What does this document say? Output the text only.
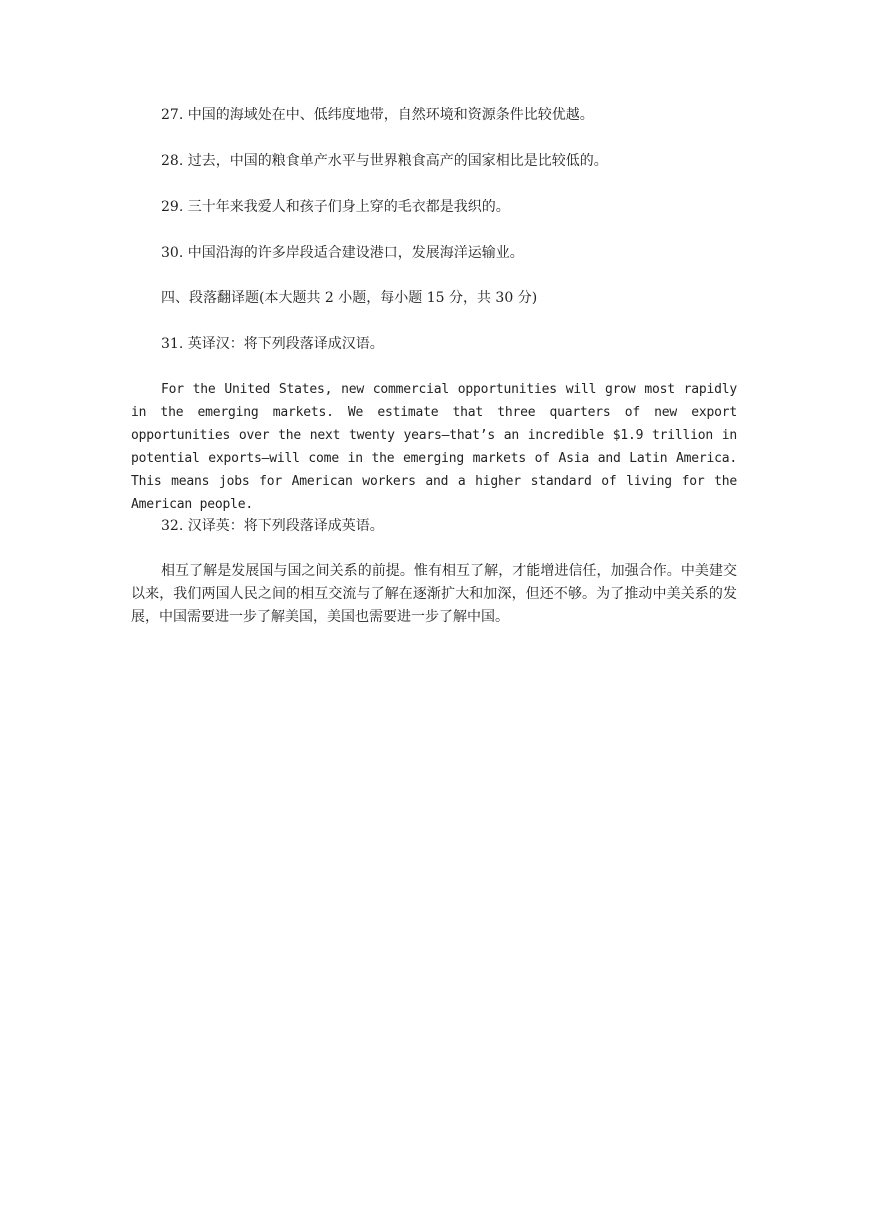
27. 中国的海域处在中、低纬度地带，自然环境和资源条件比较优越。
28. 过去，中国的粮食单产水平与世界粮食高产的国家相比是比较低的。
29. 三十年来我爱人和孩子们身上穿的毛衣都是我织的。
30. 中国沿海的许多岸段适合建设港口，发展海洋运输业。
四、段落翻译题(本大题共 2 小题，每小题 15 分，共 30 分)
31. 英译汉：将下列段落译成汉语。
For the United States, new commercial opportunities will grow most rapidly in the emerging markets. We estimate that three quarters of new export opportunities over the next twenty years—that’s an incredible $1.9 trillion in potential exports—will come in the emerging markets of Asia and Latin America. This means jobs for American workers and a higher standard of living for the American people.
32. 汉译英：将下列段落译成英语。
相互了解是发展国与国之间关系的前提。惟有相互了解，才能增进信任，加强合作。中美建交以来，我们两国人民之间的相互交流与了解在逐渐扩大和加深，但还不够。为了推动中美关系的发展，中国需要进一步了解美国，美国也需要进一步了解中国。
